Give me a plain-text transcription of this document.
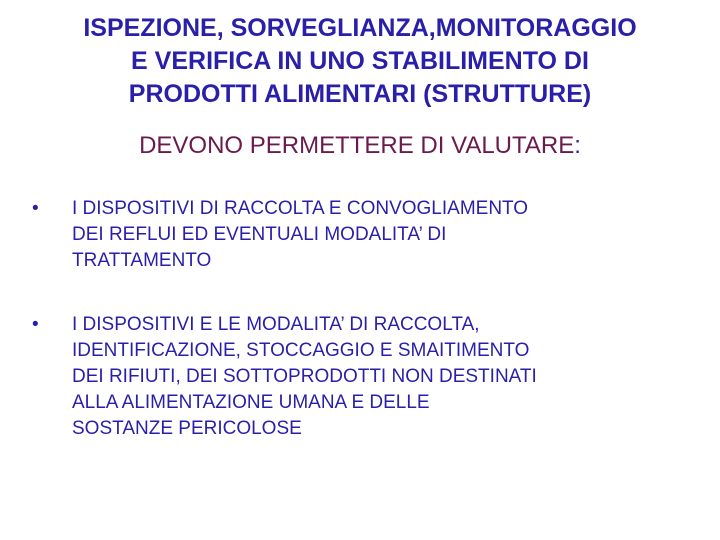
ISPEZIONE, SORVEGLIANZA,MONITORAGGIO
E VERIFICA IN UNO STABILIMENTO DI
PRODOTTI ALIMENTARI (STRUTTURE)
DEVONO PERMETTERE DI VALUTARE:
• I DISPOSITIVI DI RACCOLTA E CONVOGLIAMENTO
DEI REFLUI ED EVENTUALI MODALITA’ DI
TRATTAMENTO
• I DISPOSITIVI E LE MODALITA’ DI RACCOLTA,
IDENTIFICAZIONE, STOCCAGGIO E SMAITIMENTO
DEI RIFIUTI, DEI SOTTOPRODOTTI NON DESTINATI
ALLA ALIMENTAZIONE UMANA E DELLE
SOSTANZE PERICOLOSE
